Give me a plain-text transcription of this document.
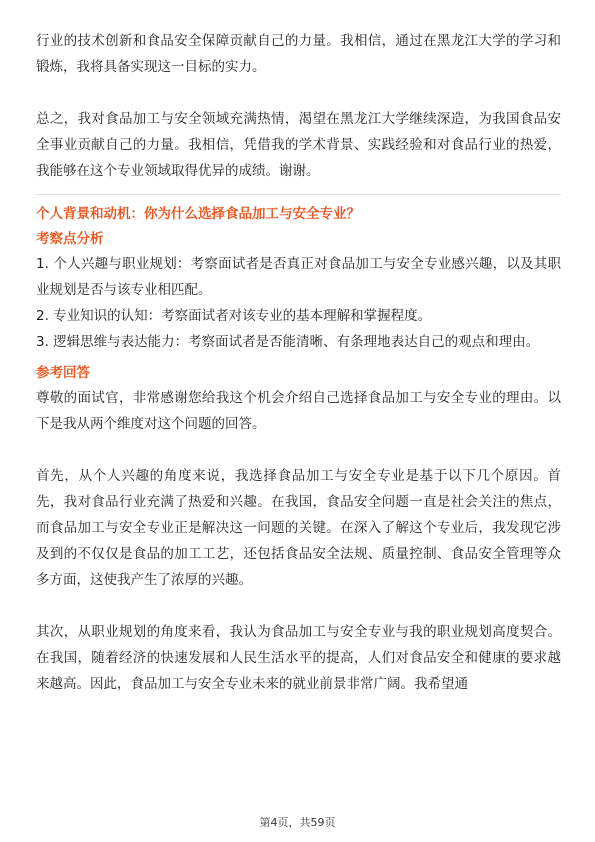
行业的技术创新和食品安全保障贡献自己的力量。我相信，通过在黑龙江大学的学习和锻炼，我将具备实现这一目标的实力。

总之，我对食品加工与安全领域充满热情，渴望在黑龙江大学继续深造，为我国食品安全事业贡献自己的力量。我相信，凭借我的学术背景、实践经验和对食品行业的热爱，我能够在这个专业领域取得优异的成绩。谢谢。

个人背景和动机：你为什么选择食品加工与安全专业？

考察点分析

1. 个人兴趣与职业规划：考察面试者是否真正对食品加工与安全专业感兴趣，以及其职业规划是否与该专业相匹配。

2. 专业知识的认知：考察面试者对该专业的基本理解和掌握程度。

3. 逻辑思维与表达能力：考察面试者是否能清晰、有条理地表达自己的观点和理由。

参考回答

尊敬的面试官，非常感谢您给我这个机会介绍自己选择食品加工与安全专业的理由。以下是我从两个维度对这个问题的回答。

首先，从个人兴趣的角度来说，我选择食品加工与安全专业是基于以下几个原因。首先，我对食品行业充满了热爱和兴趣。在我国，食品安全问题一直是社会关注的焦点，而食品加工与安全专业正是解决这一问题的关键。在深入了解这个专业后，我发现它涉及到的不仅仅是食品的加工工艺，还包括食品安全法规、质量控制、食品安全管理等众多方面，这使我产生了浓厚的兴趣。

其次，从职业规划的角度来看，我认为食品加工与安全专业与我的职业规划高度契合。在我国，随着经济的快速发展和人民生活水平的提高，人们对食品安全和健康的要求越来越高。因此，食品加工与安全专业未来的就业前景非常广阔。我希望通

第4页，共59页
